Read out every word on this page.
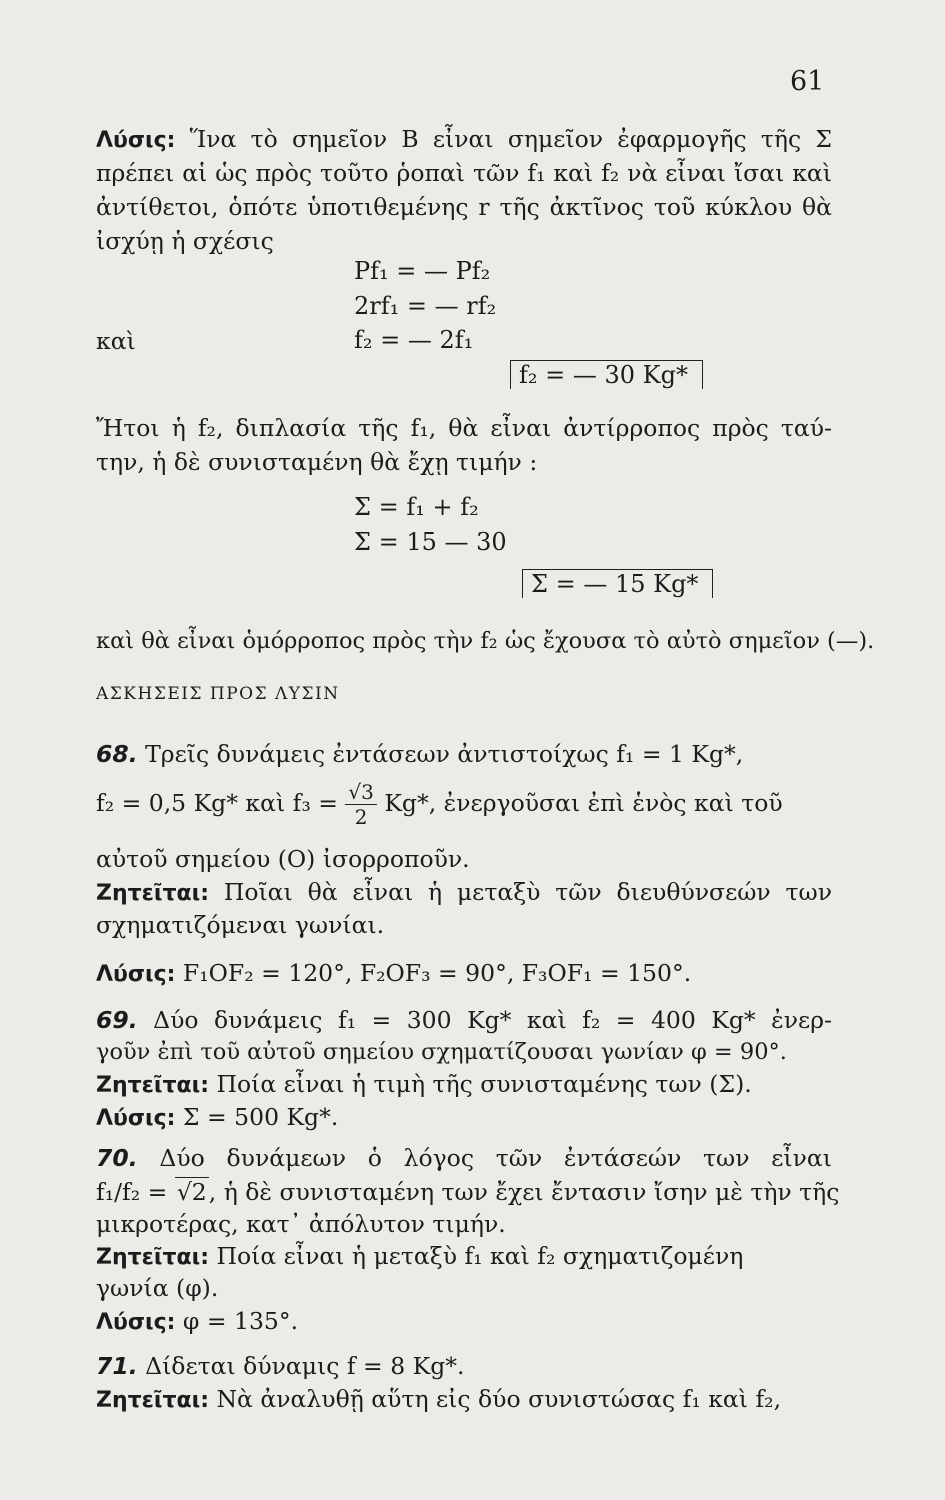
61
Λύσις: Ἵνα τὸ σημεῖον Β εἶναι σημεῖον ἐφαρμογῆς τῆς Σ
πρέπει αἱ ὡς πρὸς τοῦτο ῥοπαὶ τῶν f₁ καὶ f₂ νὰ εἶναι ἴσαι καὶ
ἀντίθετοι, ὁπότε ὑποτιθεμένης r τῆς ἀκτῖνος τοῦ κύκλου θὰ
ἰσχύῃ ἡ σχέσις
Pf₁ = — Pf₂
2rf₁ = — rf₂
καὶ	f₂ = — 2f₁
f₂ = — 30 Kg*
Ἤτοι ἡ f₂, διπλασία τῆς f₁, θὰ εἶναι ἀντίρροπος πρὸς ταύ-
την, ἡ δὲ συνισταμένη θὰ ἔχῃ τιμήν :
Σ = f₁ + f₂
Σ = 15 — 30
Σ = — 15 Kg*
καὶ θὰ εἶναι ὁμόρροπος πρὸς τὴν f₂ ὡς ἔχουσα τὸ αὐτὸ σημεῖον (—).
ΑΣΚΗΣΕΙΣ ΠΡΟΣ ΛΥΣΙΝ
68. Τρεῖς δυνάμεις ἐντάσεων ἀντιστοίχως f₁ = 1 Kg*,
f₂ = 0,5 Kg* καὶ $f_3 = \frac{√3}{2} Kg*$, ἐνεργοῦσαι ἐπὶ ἑνὸς καὶ τοῦ
αὐτοῦ σημείου (Ο) ἰσορροποῦν.
Ζητεῖται: Ποῖαι θὰ εἶναι ἡ μεταξὺ τῶν διευθύνσεών των
σχηματιζόμεναι γωνίαι.
Λύσις: F₁OF₂ = 120°, F₂OF₃ = 90°, F₃OF₁ = 150°.
69. Δύο δυνάμεις f₁ = 300 Kg* καὶ f₂ = 400 Kg* ἐνερ-
γοῦν ἐπὶ τοῦ αὐτοῦ σημείου σχηματίζουσαι γωνίαν φ = 90°.
Ζητεῖται: Ποία εἶναι ἡ τιμὴ τῆς συνισταμένης των (Σ).
Λύσις: Σ = 500 Kg*.
70. Δύο δυνάμεων ὁ λόγος τῶν ἐντάσεών των εἶναι
f₁/f₂ = √2, ἡ δὲ συνισταμένη των ἔχει ἔντασιν ἴσην μὲ τὴν τῆς
μικροτέρας, κατ᾽ ἀπόλυτον τιμήν.
Ζητεῖται: Ποία εἶναι ἡ μεταξὺ f₁ καὶ f₂ σχηματιζομένη
γωνία (φ).
Λύσις: φ = 135°.
71. Δίδεται δύναμις f = 8 Kg*.
Ζητεῖται: Νὰ ἀναλυθῇ αὕτη εἰς δύο συνιστώσας f₁ καὶ f₂,
